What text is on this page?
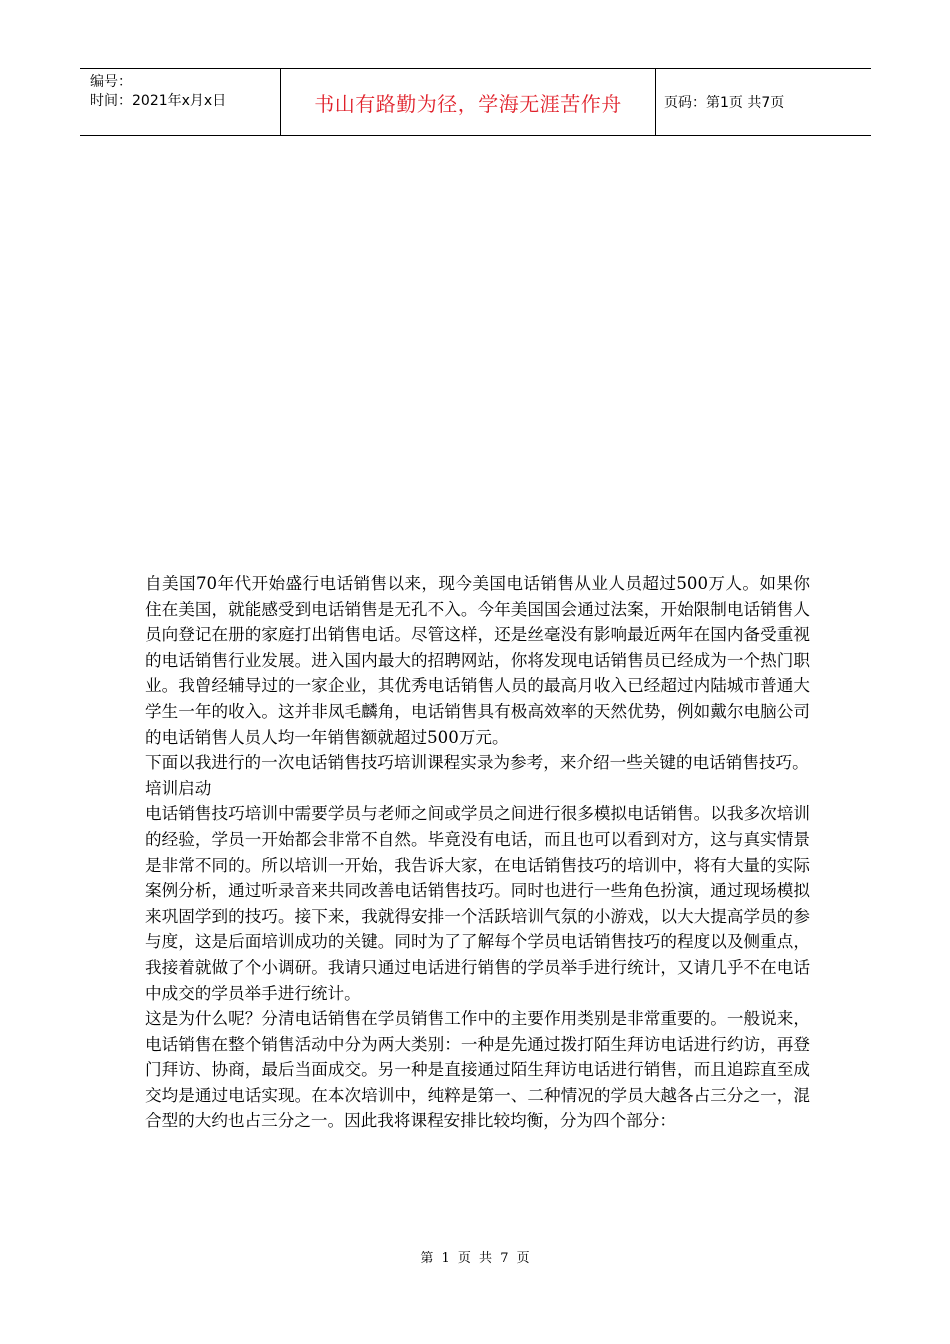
编号：
时间：2021年x月x日	书山有路勤为径，学海无涯苦作舟	页码：第1页 共7页

自美国70年代开始盛行电话销售以来，现今美国电话销售从业人员超过500万人。如果你住在美国，就能感受到电话销售是无孔不入。今年美国国会通过法案，开始限制电话销售人员向登记在册的家庭打出销售电话。尽管这样，还是丝毫没有影响最近两年在国内备受重视的电话销售行业发展。进入国内最大的招聘网站，你将发现电话销售员已经成为一个热门职业。我曾经辅导过的一家企业，其优秀电话销售人员的最高月收入已经超过内陆城市普通大学生一年的收入。这并非凤毛麟角，电话销售具有极高效率的天然优势，例如戴尔电脑公司的电话销售人员人均一年销售额就超过500万元。

下面以我进行的一次电话销售技巧培训课程实录为参考，来介绍一些关键的电话销售技巧。

培训启动

电话销售技巧培训中需要学员与老师之间或学员之间进行很多模拟电话销售。以我多次培训的经验，学员一开始都会非常不自然。毕竟没有电话，而且也可以看到对方，这与真实情景是非常不同的。所以培训一开始，我告诉大家，在电话销售技巧的培训中，将有大量的实际案例分析，通过听录音来共同改善电话销售技巧。同时也进行一些角色扮演，通过现场模拟来巩固学到的技巧。接下来，我就得安排一个活跃培训气氛的小游戏，以大大提高学员的参与度，这是后面培训成功的关键。同时为了了解每个学员电话销售技巧的程度以及侧重点，我接着就做了个小调研。我请只通过电话进行销售的学员举手进行统计，又请几乎不在电话中成交的学员举手进行统计。

这是为什么呢？分清电话销售在学员销售工作中的主要作用类别是非常重要的。一般说来，电话销售在整个销售活动中分为两大类别：一种是先通过拨打陌生拜访电话进行约访，再登门拜访、协商，最后当面成交。另一种是直接通过陌生拜访电话进行销售，而且追踪直至成交均是通过电话实现。在本次培训中，纯粹是第一、二种情况的学员大越各占三分之一，混合型的大约也占三分之一。因此我将课程安排比较均衡，分为四个部分：

第 1 页 共 7 页
